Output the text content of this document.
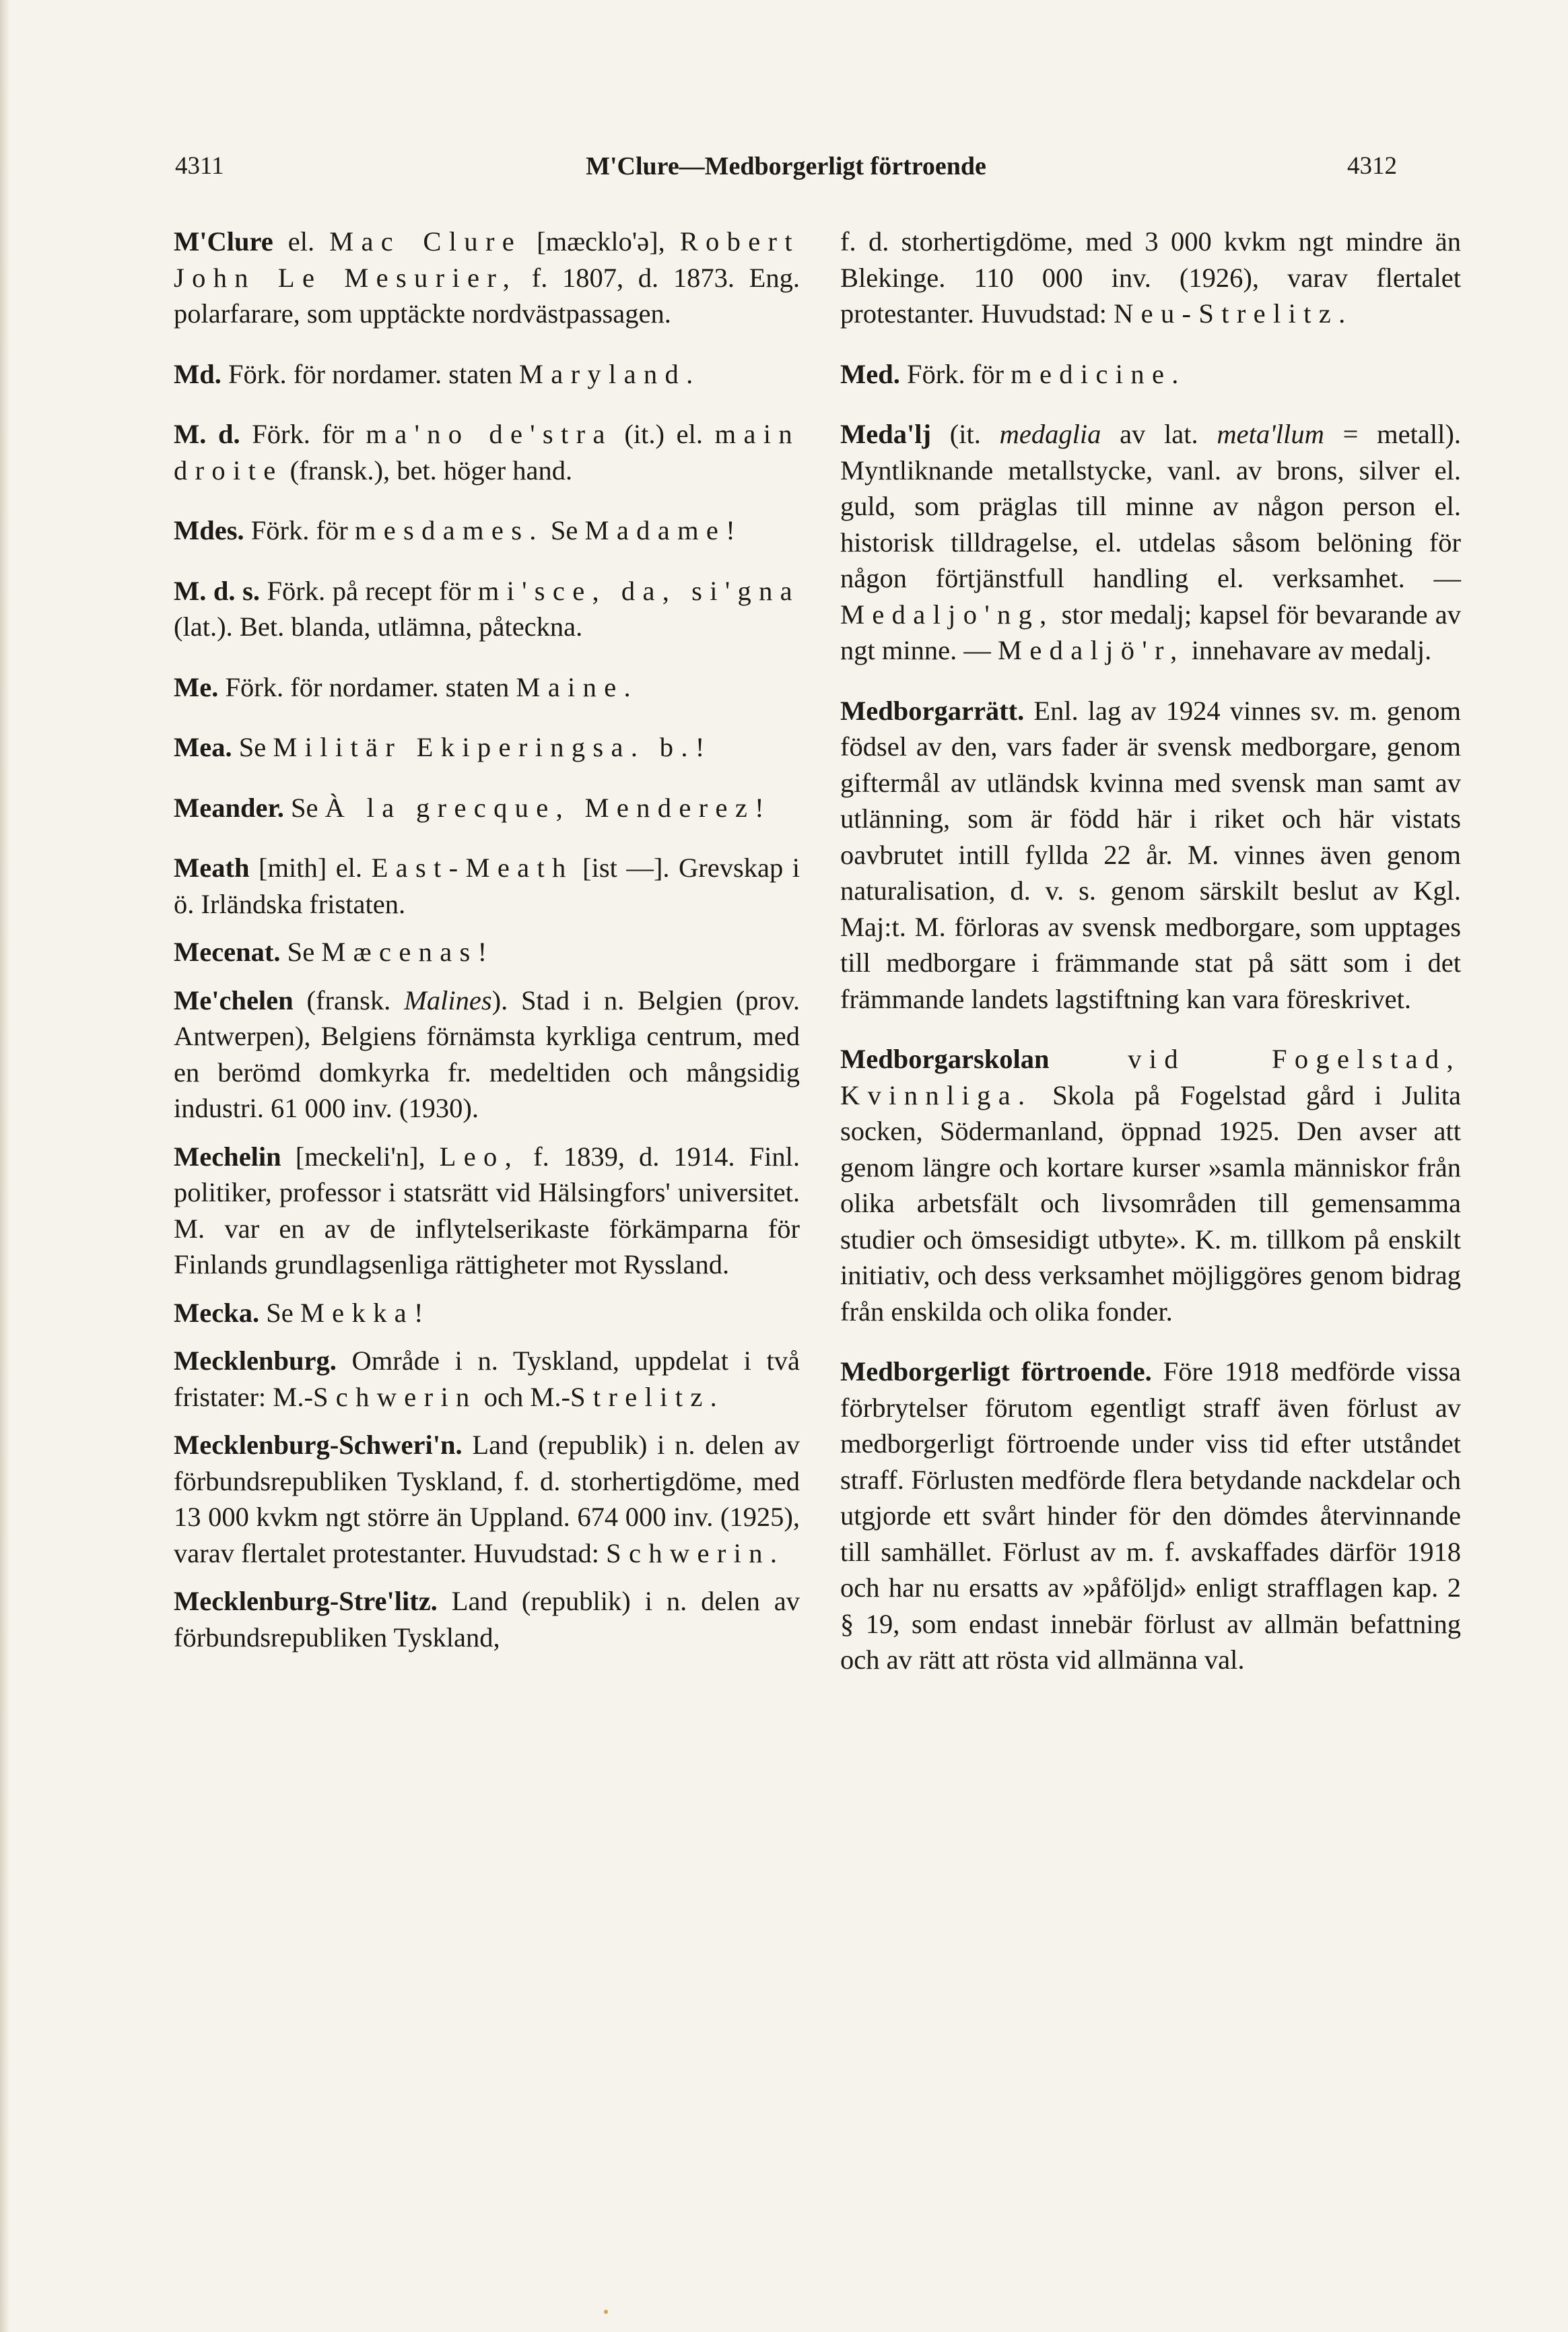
4311	M'Clure—Medborgerligt förtroende	4312

M'Clure el. Mac Clure [mæcklo'ə], Robert John Le Mesurier, f. 1807, d. 1873. Eng. polarfarare, som upptäckte nordvästpassagen.

Md. Förk. för nordamer. staten Maryland.

M. d. Förk. för ma'no de'stra (it.) el. main droite (fransk.), bet. höger hand.

Mdes. Förk. för mesdames. Se Madame!

M. d. s. Förk. på recept för mi'sce, da, si'gna (lat.). Bet. blanda, utlämna, påteckna.

Me. Förk. för nordamer. staten Maine.

Mea. Se Militär Ekiperingsa. b.!

Meander. Se À la grecque, Menderez!

Meath [mith] el. East-Meath [ist —]. Grevskap i ö. Irländska fristaten.

Mecenat. Se Mæcenas!

Me'chelen (fransk. Malines). Stad i n. Belgien (prov. Antwerpen), Belgiens förnämsta kyrkliga centrum, med en berömd domkyrka fr. medeltiden och mångsidig industri. 61 000 inv. (1930).

Mechelin [meckeli'n], Leo, f. 1839, d. 1914. Finl. politiker, professor i statsrätt vid Hälsingfors' universitet. M. var en av de inflytelserikaste förkämparna för Finlands grundlagsenliga rättigheter mot Ryssland.

Mecka. Se Mekka!

Mecklenburg. Område i n. Tyskland, uppdelat i två fristater: M.-Schwerin och M.-Strelitz.

Mecklenburg-Schweri'n. Land (republik) i n. delen av förbundsrepubliken Tyskland, f. d. storhertigdöme, med 13 000 kvkm ngt större än Uppland. 674 000 inv. (1925), varav flertalet protestanter. Huvudstad: Schwerin.

Mecklenburg-Stre'litz. Land (republik) i n. delen av förbundsrepubliken Tyskland,

f. d. storhertigdöme, med 3 000 kvkm ngt mindre än Blekinge. 110 000 inv. (1926), varav flertalet protestanter. Huvudstad: Neu-Strelitz.

Med. Förk. för medicine.

Meda'lj (it. medaglia av lat. meta'llum = metall). Myntliknande metallstycke, vanl. av brons, silver el. guld, som präglas till minne av någon person el. historisk tilldragelse, el. utdelas såsom belöning för någon förtjänstfull handling el. verksamhet. — Medaljo'ng, stor medalj; kapsel för bevarande av ngt minne. — Medaljö'r, innehavare av medalj.

Medborgarrätt. Enl. lag av 1924 vinnes sv. m. genom födsel av den, vars fader är svensk medborgare, genom giftermål av utländsk kvinna med svensk man samt av utlänning, som är född här i riket och här vistats oavbrutet intill fyllda 22 år. M. vinnes även genom naturalisation, d. v. s. genom särskilt beslut av Kgl. Maj:t. M. förloras av svensk medborgare, som upptages till medborgare i främmande stat på sätt som i det främmande landets lagstiftning kan vara föreskrivet.

Medborgarskolan	vid Fogelstad, Kvinnliga. Skola på Fogelstad gård i Julita socken, Södermanland, öppnad 1925. Den avser att genom längre och kortare kurser »samla människor från olika arbetsfält och livsområden till gemensamma studier och ömsesidigt utbyte». K. m. tillkom på enskilt initiativ, och dess verksamhet möjliggöres genom bidrag från enskilda och olika fonder.

Medborgerligt förtroende. Före 1918 medförde vissa förbrytelser förutom egentligt straff även förlust av medborgerligt förtroende under viss tid efter utståndet straff. Förlusten medförde flera betydande nackdelar och utgjorde ett svårt hinder för den dömdes återvinnande till samhället. Förlust av m. f. avskaffades därför 1918 och har nu ersatts av »påföljd» enligt strafflagen kap. 2 § 19, som endast innebär förlust av allmän befattning och av rätt att rösta vid allmänna val.
